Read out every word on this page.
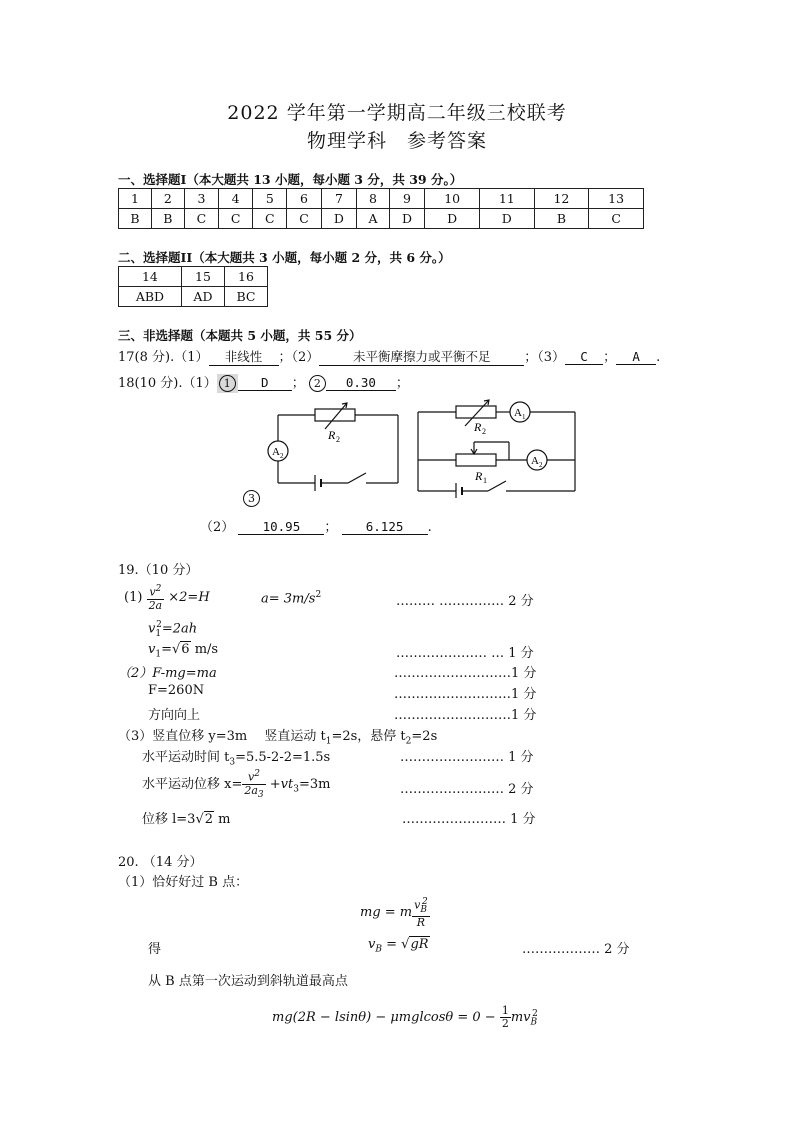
2022 学年第一学期高二年级三校联考
物理学科　参考答案
一、选择题I（本大题共 13 小题，每小题 3 分，共 39 分。）
1	2	3	4	5	6	7	8	9	10	11	12	13
B	B	C	C	C	C	D	A	D	D	D	B	C
二、选择题II（本大题共 3 小题，每小题 2 分，共 6 分。）
14	15	16
ABD	AD	BC
三、非选择题（本题共 5 小题，共 55 分）
17(8 分).（1） 非线性 ；（2）	未平衡摩擦力或平衡不足	；（3） C ； A .
18(10 分).（1） 1 D ； 2 0.30 ；
R 2
A 2
A 1
R 2
A 2
R 1
3
（2） 10.95 ； 6.125 .
19.（10 分）
$(1) \frac{v^2}{2a} \times 2=H$	$a= 3m/s^2$	……… …………… 2 分
$v_1^2=2ah$
$v_1=√6$ m/s	………………… … 1 分
（2）F-mg=ma	………………………1 分
F=260N	………………………1 分
方向向上	………………………1 分
（3）竖直位移 y=3m　 竖直运动 $t_1=2s$，悬停 $t_2=2s$
水平运动时间 $t_3=5.5-2-2=1.5s$	…………………… 1 分
水平运动位移 $x= \frac{v^2}{2a_3} +vt_3=3m$	…………………… 2 分
位移 l=3√2 m	…………………… 1 分
20. （14 分）
（1）恰好好过 B 点：
mg = m $\frac{v_B^2}{R}$
得	$v_B = √gR$	……………… 2 分
从 B 点第一次运动到斜轨道最高点
$mg(2R - lsin\theta) - \mu mglcos\theta = 0 - \frac{1}{2} mv_B^2$
